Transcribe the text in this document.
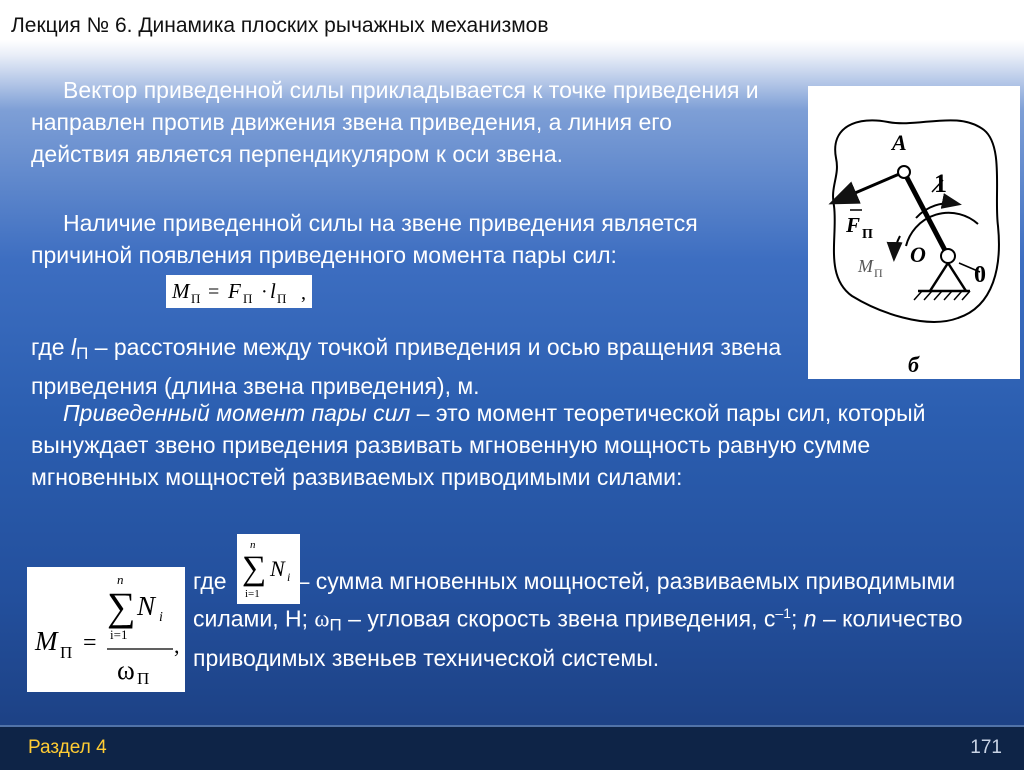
Лекция № 6. Динамика плоских рычажных механизмов
Вектор приведенной силы прикладывается к точке приведения и направлен против движения звена приведения, а линия его действия является перпендикуляром к оси звена.
Наличие приведенной силы на звене приведения является причиной появления приведенного момента пары сил:
M П = F П · l П ,
где $l_П$ – расстояние между точкой приведения и осью вращения звена приведения (длина звена приведения), м.
Приведенный момент пары сил – это момент теоретической пары сил, который вынуждает звено приведения развивать мгновенную мощность равную сумме мгновенных мощностей развиваемых приводимыми силами:
n
∑ N i
i=1
M П =
n
∑ N i
i=1
ω П
,
где	– сумма мгновенных мощностей, развиваемых приводимыми силами, Н; $\omega_П$ – угловая скорость звена приведения, $с^{-1}$; n – количество приводимых звеньев технической системы.
A
1
F П
O
M П	0
б
Раздел 4	171
